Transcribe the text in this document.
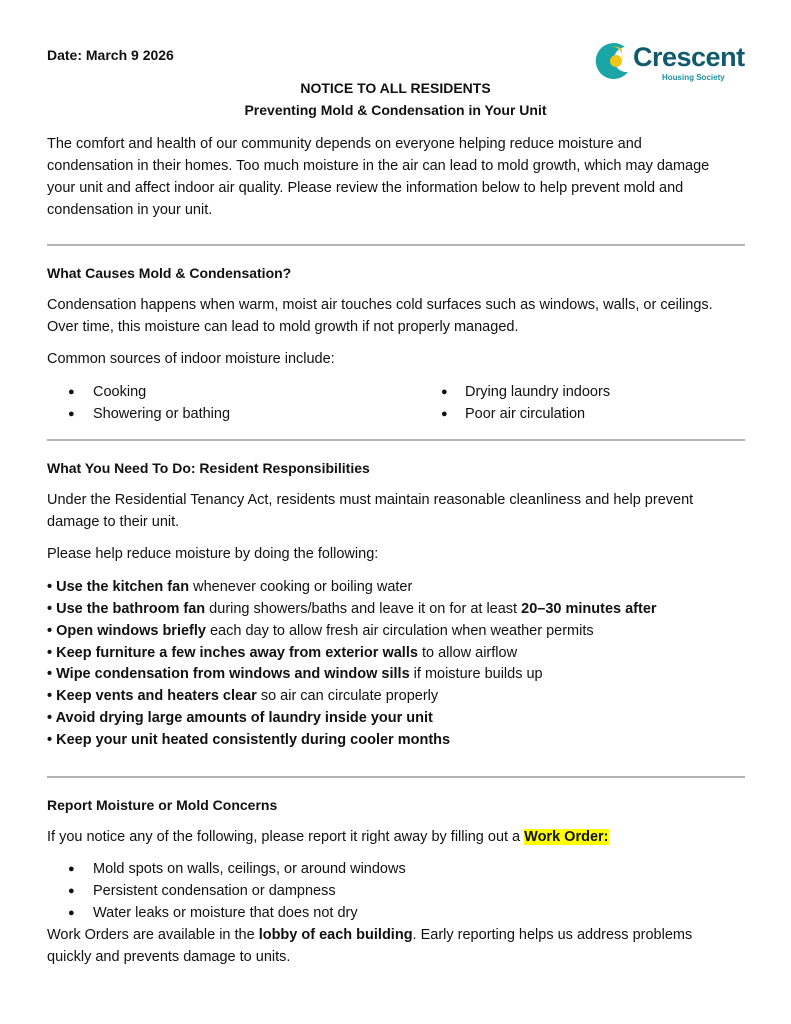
Date: March 9 2026	Crescent
Housing Society
NOTICE TO ALL RESIDENTS
Preventing Mold & Condensation in Your Unit
The comfort and health of our community depends on everyone helping reduce moisture and
condensation in their homes. Too much moisture in the air can lead to mold growth, which may damage
your unit and affect indoor air quality. Please review the information below to help prevent mold and
condensation in your unit.
What Causes Mold & Condensation?
Condensation happens when warm, moist air touches cold surfaces such as windows, walls, or ceilings.
Over time, this moisture can lead to mold growth if not properly managed.
Common sources of indoor moisture include:
● Cooking
● Showering or bathing
● Drying laundry indoors
● Poor air circulation
What You Need To Do: Resident Responsibilities
Under the Residential Tenancy Act, residents must maintain reasonable cleanliness and help prevent
damage to their unit.
Please help reduce moisture by doing the following:
• Use the kitchen fan whenever cooking or boiling water
• Use the bathroom fan during showers/baths and leave it on for at least 20–30 minutes after
• Open windows briefly each day to allow fresh air circulation when weather permits
• Keep furniture a few inches away from exterior walls to allow airflow
• Wipe condensation from windows and window sills if moisture builds up
• Keep vents and heaters clear so air can circulate properly
• Avoid drying large amounts of laundry inside your unit
• Keep your unit heated consistently during cooler months
Report Moisture or Mold Concerns
If you notice any of the following, please report it right away by filling out a Work Order:
● Mold spots on walls, ceilings, or around windows
● Persistent condensation or dampness
● Water leaks or moisture that does not dry
Work Orders are available in the lobby of each building. Early reporting helps us address problems
quickly and prevents damage to units.
